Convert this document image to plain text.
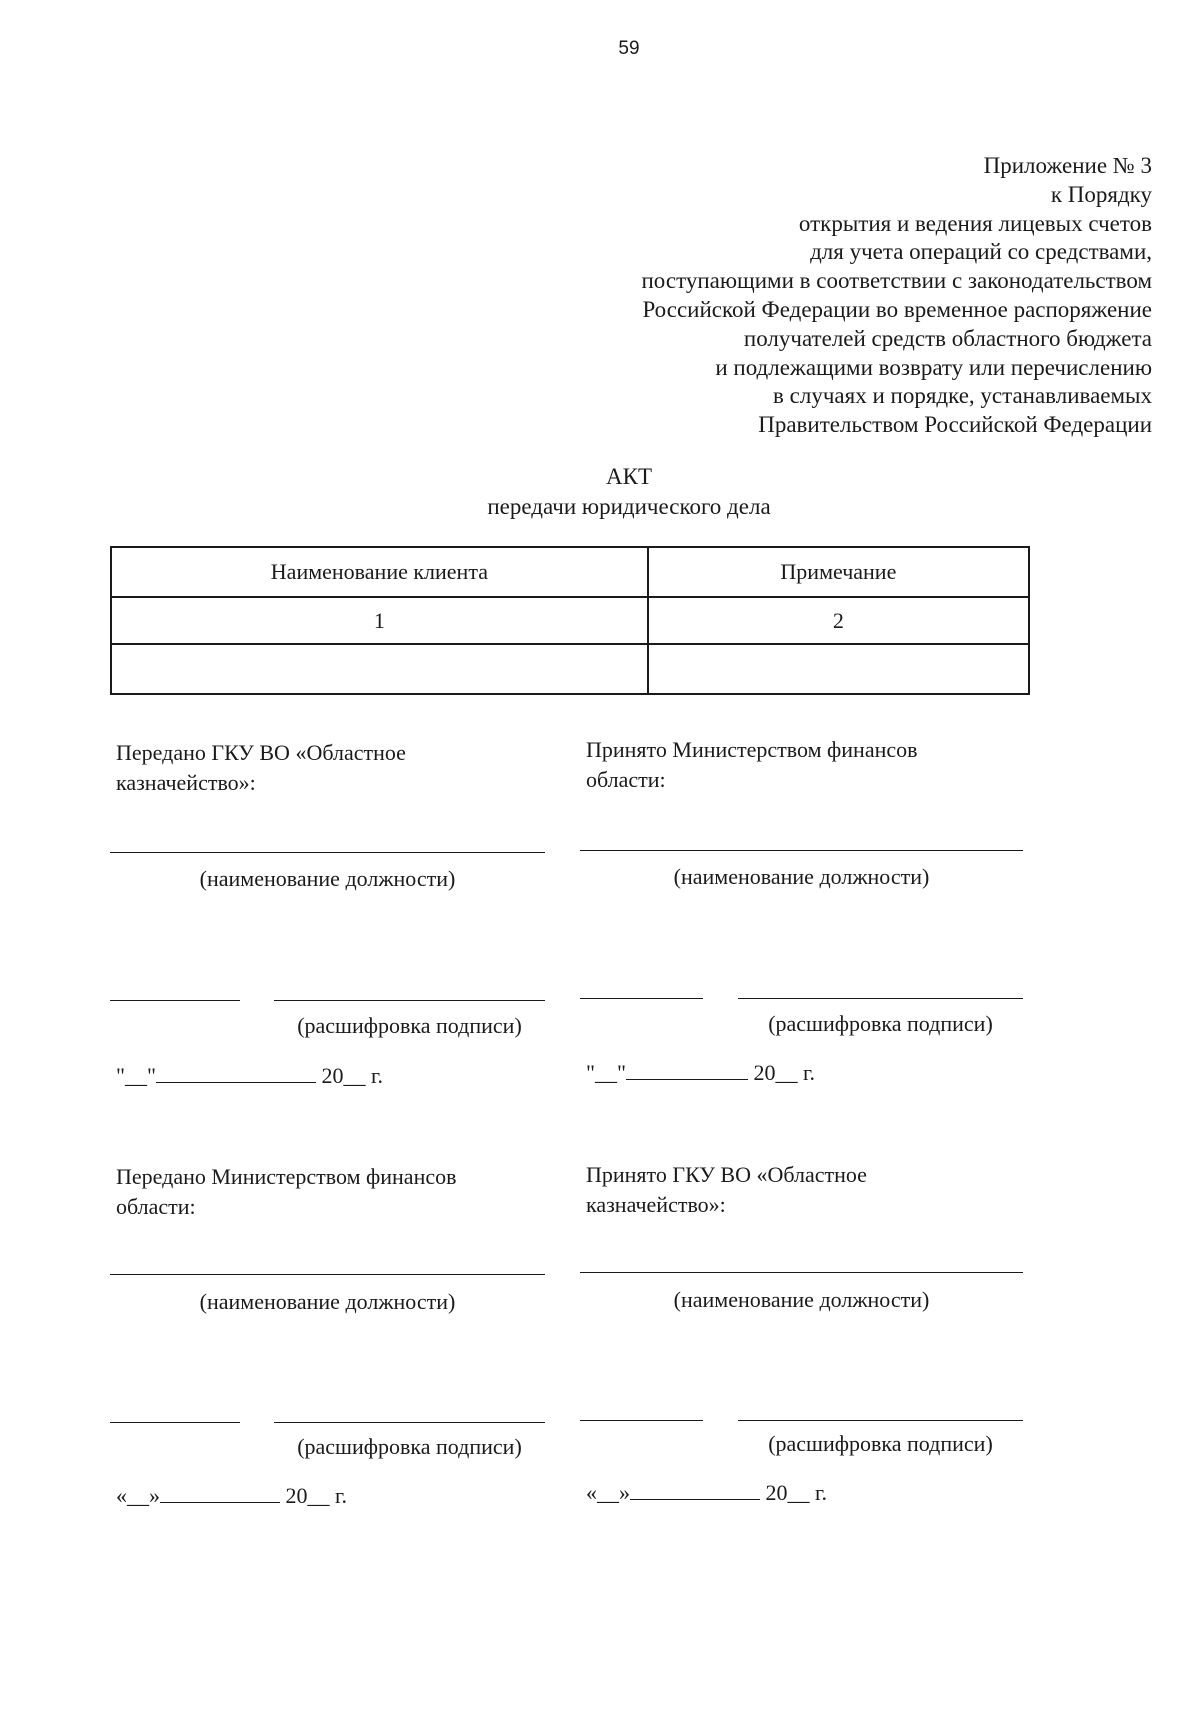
59
Приложение № 3
к Порядку
открытия и ведения лицевых счетов
для учета операций со средствами,
поступающими в соответствии с законодательством
Российской Федерации во временное распоряжение
получателей средств областного бюджета
и подлежащими возврату или перечислению
в случаях и порядке, устанавливаемых
Правительством Российской Федерации
АКТ
передачи юридического дела
Наименование клиента	Примечание
1	2

Передано ГКУ ВО «Областное казначейство»:
Принято Министерством финансов области:
(наименование должности)	(наименование должности)
(расшифровка подписи)	(расшифровка подписи)
"__"	20__ г.	"__"	20__ г.
Передано Министерством финансов области:
Принято ГКУ ВО «Областное казначейство»:
(наименование должности)	(наименование должности)
(расшифровка подписи)	(расшифровка подписи)
«__»	20__ г.	«__»	20__ г.
